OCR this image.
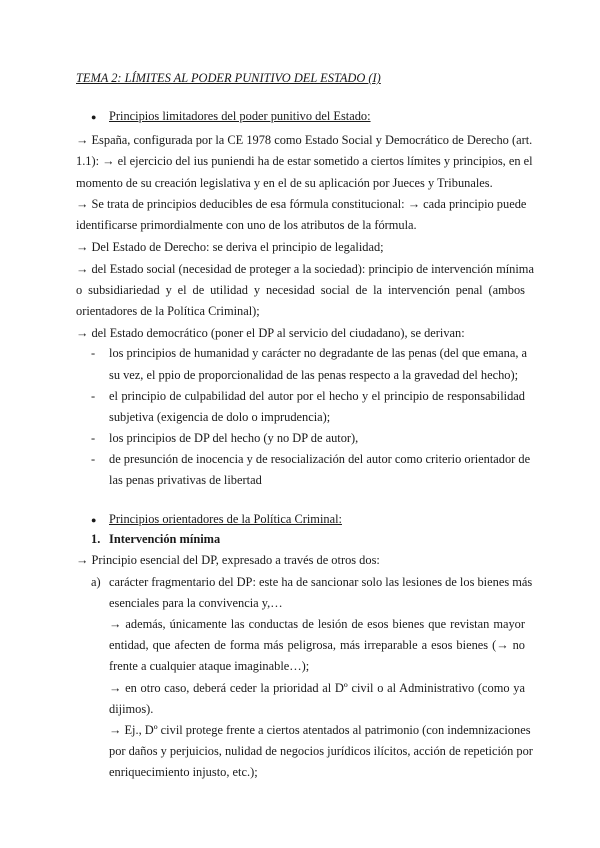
TEMA 2: LÍMITES AL PODER PUNITIVO DEL ESTADO (I)
● Principios limitadores del poder punitivo del Estado:
→ España, configurada por la CE 1978 como Estado Social y Democrático de Derecho (art.
1.1): → el ejercicio del ius puniendi ha de estar sometido a ciertos límites y principios, en el
momento de su creación legislativa y en el de su aplicación por Jueces y Tribunales.
→ Se trata de principios deducibles de esa fórmula constitucional: → cada principio puede
identificarse primordialmente con uno de los atributos de la fórmula.
→ Del Estado de Derecho: se deriva el principio de legalidad;
→ del Estado social (necesidad de proteger a la sociedad): principio de intervención mínima
o subsidiariedad y el de utilidad y necesidad social de la intervención penal (ambos
orientadores de la Política Criminal);
→ del Estado democrático (poner el DP al servicio del ciudadano), se derivan:
- los principios de humanidad y carácter no degradante de las penas (del que emana, a
su vez, el ppio de proporcionalidad de las penas respecto a la gravedad del hecho);
- el principio de culpabilidad del autor por el hecho y el principio de responsabilidad
subjetiva (exigencia de dolo o imprudencia);
- los principios de DP del hecho (y no DP de autor),
- de presunción de inocencia y de resocialización del autor como criterio orientador de
las penas privativas de libertad
● Principios orientadores de la Política Criminal:
1. Intervención mínima
→ Principio esencial del DP, expresado a través de otros dos:
a) carácter fragmentario del DP: este ha de sancionar solo las lesiones de los bienes más
esenciales para la convivencia y,…
→ además, únicamente las conductas de lesión de esos bienes que revistan mayor
entidad, que afecten de forma más peligrosa, más irreparable a esos bienes (→ no
frente a cualquier ataque imaginable…);
→ en otro caso, deberá ceder la prioridad al Dº civil o al Administrativo (como ya
dijimos).
→ Ej., Dº civil protege frente a ciertos atentados al patrimonio (con indemnizaciones
por daños y perjuicios, nulidad de negocios jurídicos ilícitos, acción de repetición por
enriquecimiento injusto, etc.);
